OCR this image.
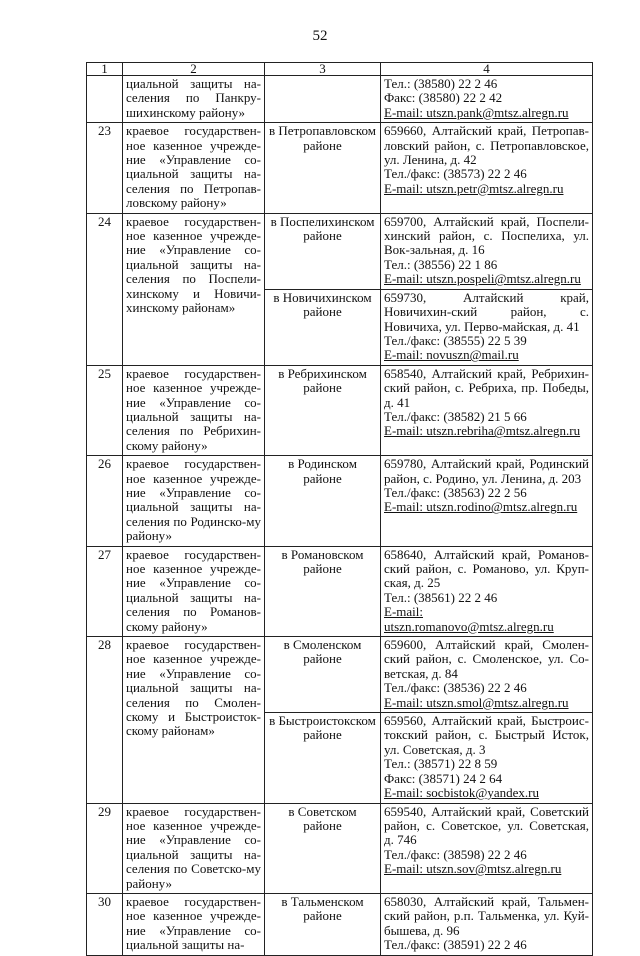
52
1	2	3	4
	циальной защиты на-селения по Панкру-шихинскому району»		Тел.: (38580) 22 2 46
Факс: (38580) 22 2 42
E-mail: utszn.pank@mtsz.alregn.ru

23	краевое государствен-ное казенное учрежде-ние «Управление со-циальной защиты на-селения по Петропав-ловскому району»	в Петропавловском районе	659660, Алтайский край, Петропав-ловский район, с. Петропавловское, ул. Ленина, д. 42
Тел./факс: (38573) 22 2 46
E-mail: utszn.petr@mtsz.alregn.ru

24	краевое государствен-ное казенное учрежде-ние «Управление со-циальной защиты на-селения по Поспели-хинскому и Новичи-хинскому районам»	в Поспелихинском районе	659700, Алтайский край, Поспели-хинский район, с. Поспелиха, ул. Вок-зальная, д. 16
Тел.: (38556) 22 1 86
E-mail: utszn.pospeli@mtsz.alregn.ru

		в Новичихинском районе	659730, Алтайский край, Новичихин-ский район, с. Новичиха, ул. Перво-майская, д. 41
Тел./факс: (38555) 22 5 39
E-mail: novuszn@mail.ru

25	краевое государствен-ное казенное учрежде-ние «Управление со-циальной защиты на-селения по Ребрихин-скому району»	в Ребрихинском районе	658540, Алтайский край, Ребрихин-ский район, с. Ребриха, пр. Победы, д. 41
Тел./факс: (38582) 21 5 66
E-mail: utszn.rebriha@mtsz.alregn.ru

26	краевое государствен-ное казенное учрежде-ние «Управление со-циальной защиты на-селения по Родинско-му району»	в Родинском районе	659780, Алтайский край, Родинский район, с. Родино, ул. Ленина, д. 203
Тел./факс: (38563) 22 2 56
E-mail: utszn.rodino@mtsz.alregn.ru

27	краевое государствен-ное казенное учрежде-ние «Управление со-циальной защиты на-селения по Романов-скому району»	в Романовском районе	658640, Алтайский край, Романов-ский район, с. Романово, ул. Круп-ская, д. 25
Тел.: (38561) 22 2 46
E-mail: utszn.romanovo@mtsz.alregn.ru

28	краевое государствен-ное казенное учрежде-ние «Управление со-циальной защиты на-селения по Смолен-скому и Быстроисток-скому районам»	в Смоленском районе	659600, Алтайский край, Смолен-ский район, с. Смоленское, ул. Со-ветская, д. 84
Тел./факс: (38536) 22 2 46
E-mail: utszn.smol@mtsz.alregn.ru

		в Быстроистокском районе	659560, Алтайский край, Быстроис-токский район, с. Быстрый Исток, ул. Советская, д. 3
Тел.: (38571) 22 8 59
Факс: (38571) 24 2 64
E-mail: socbistok@yandex.ru

29	краевое государствен-ное казенное учрежде-ние «Управление со-циальной защиты на-селения по Советско-му району»	в Советском районе	659540, Алтайский край, Советский район, с. Советское, ул. Советская, д. 746
Тел./факс: (38598) 22 2 46
E-mail: utszn.sov@mtsz.alregn.ru

30	краевое государствен-ное казенное учрежде-ние «Управление со-циальной защиты на-	в Тальменском районе	658030, Алтайский край, Тальмен-ский район, р.п. Тальменка, ул. Куй-бышева, д. 96
Тел./факс: (38591) 22 2 46
